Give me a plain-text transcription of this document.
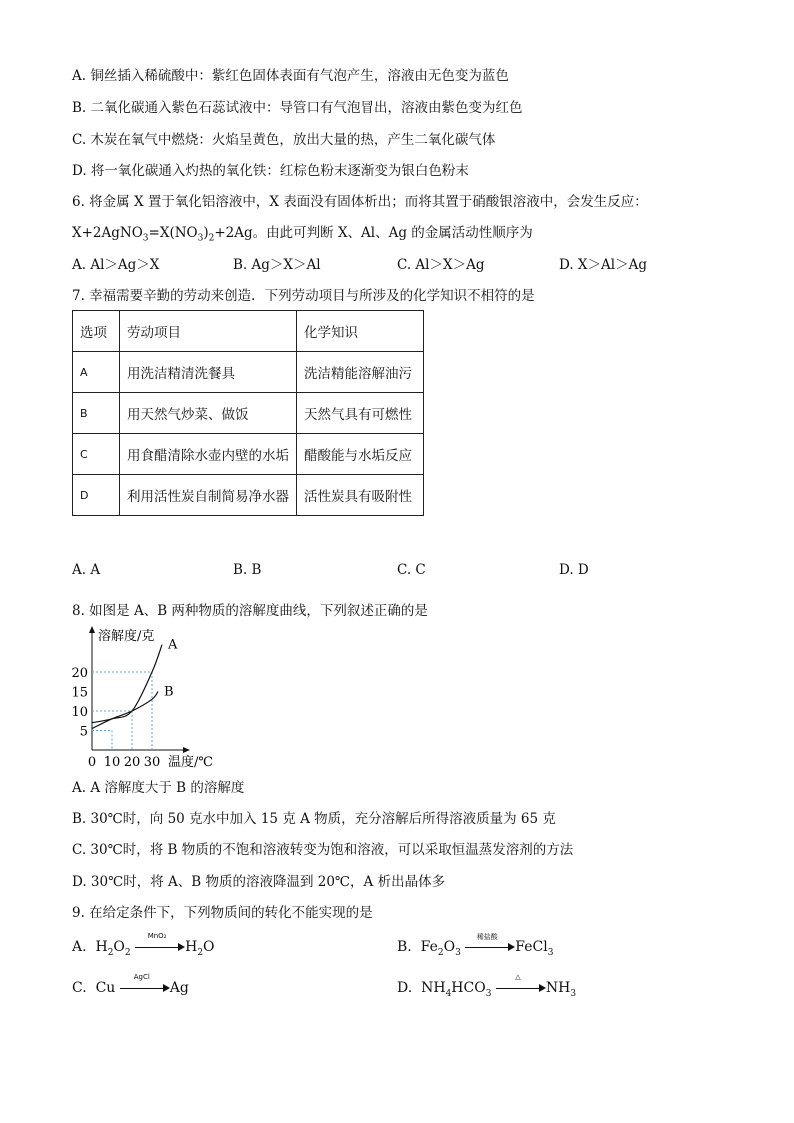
A. 铜丝插入稀硫酸中：紫红色固体表面有气泡产生，溶液由无色变为蓝色
B. 二氧化碳通入紫色石蕊试液中：导管口有气泡冒出，溶液由紫色变为红色
C. 木炭在氧气中燃烧：火焰呈黄色，放出大量的热，产生二氧化碳气体
D. 将一氧化碳通入灼热的氧化铁：红棕色粉末逐渐变为银白色粉末
6. 将金属 X 置于氧化铝溶液中，X 表面没有固体析出；而将其置于硝酸银溶液中，会发生反应：
$X+2AgNO_3=X(NO_3)_2+2Ag$。由此可判断 X、Al、Ag 的金属活动性顺序为
A. Al＞Ag＞X	B. Ag＞X＞Al	C. Al＞X＞Ag	D. X＞Al＞Ag
7. 幸福需要辛勤的劳动来创造．下列劳动项目与所涉及的化学知识不相符的是
选项	劳动项目	化学知识
A	用洗洁精清洗餐具	洗洁精能溶解油污
B	用天然气炒菜、做饭	天然气具有可燃性
C	用食醋清除水壶内壁的水垢	醋酸能与水垢反应
D	利用活性炭自制简易净水器	活性炭具有吸附性
A. A	B. B	C. C	D. D
8. 如图是 A、B 两种物质的溶解度曲线，下列叙述正确的是
溶解度/克
温度/℃
0 10 20 30
5
10
15
20
A
B
A. A 溶解度大于 B 的溶解度
B. 30℃时，向 50 克水中加入 15 克 A 物质，充分溶解后所得溶液质量为 65 克
C. 30℃时，将 B 物质的不饱和溶液转变为饱和溶液，可以采取恒温蒸发溶剂的方法
D. 30℃时，将 A、B 物质的溶液降温到 20℃，A 析出晶体多
9. 在给定条件下，下列物质间的转化不能实现的是
A. $H_2O_2$
MnO₂
$H_2O$	B. $Fe_2O_3$
稀盐酸
FeCl$_3$
C. Cu
AgCl
Ag	D. $NH_4HCO_3$
△
$NH_3$
